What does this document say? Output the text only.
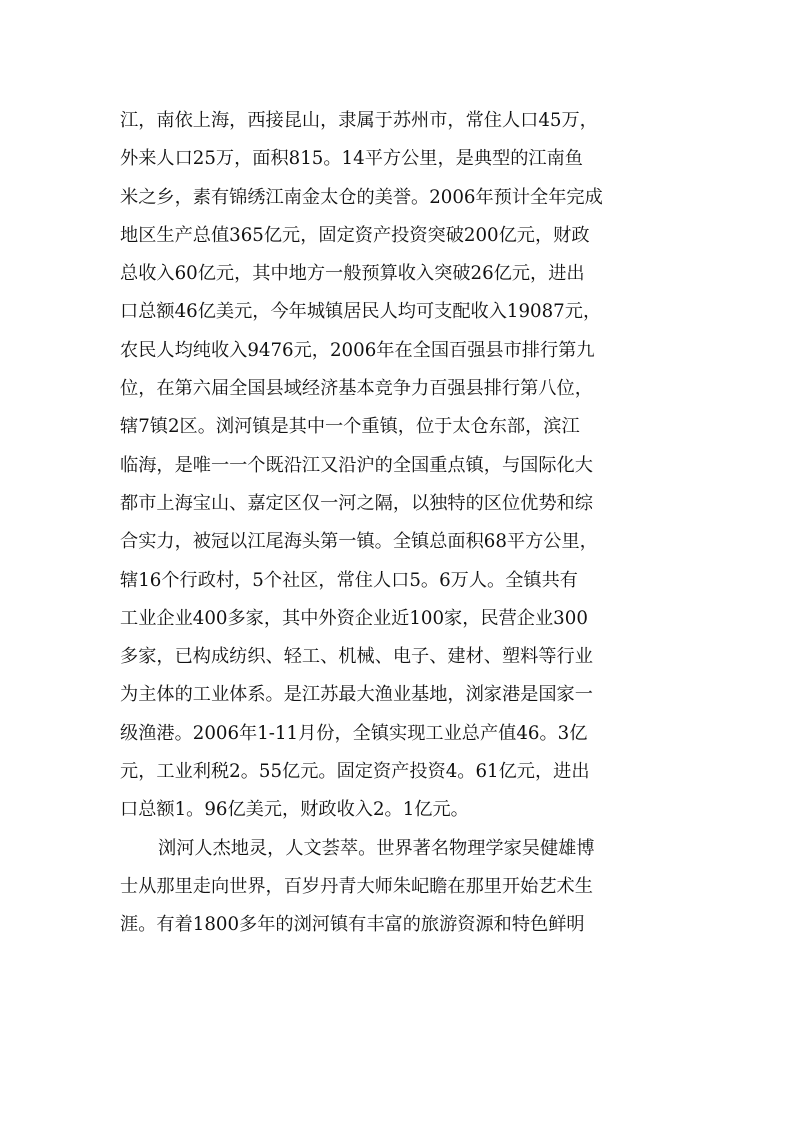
江，南依上海，西接昆山，隶属于苏州市，常住人口45万，
外来人口25万，面积815。14平方公里，是典型的江南鱼
米之乡，素有锦绣江南金太仓的美誉。2006年预计全年完成
地区生产总值365亿元，固定资产投资突破200亿元，财政
总收入60亿元，其中地方一般预算收入突破26亿元，进出
口总额46亿美元，今年城镇居民人均可支配收入19087元，
农民人均纯收入9476元，2006年在全国百强县市排行第九
位，在第六届全国县域经济基本竞争力百强县排行第八位，
辖7镇2区。浏河镇是其中一个重镇，位于太仓东部，滨江
临海，是唯一一个既沿江又沿沪的全国重点镇，与国际化大
都市上海宝山、嘉定区仅一河之隔，以独特的区位优势和综
合实力，被冠以江尾海头第一镇。全镇总面积68平方公里，
辖16个行政村，5个社区，常住人口5。6万人。全镇共有
工业企业400多家，其中外资企业近100家，民营企业300
多家，已构成纺织、轻工、机械、电子、建材、塑料等行业
为主体的工业体系。是江苏最大渔业基地，浏家港是国家一
级渔港。2006年1-11月份，全镇实现工业总产值46。3亿
元，工业利税2。55亿元。固定资产投资4。61亿元，进出
口总额1。96亿美元，财政收入2。1亿元。
浏河人杰地灵，人文荟萃。世界著名物理学家吴健雄博
士从那里走向世界，百岁丹青大师朱屺瞻在那里开始艺术生
涯。有着1800多年的浏河镇有丰富的旅游资源和特色鲜明
